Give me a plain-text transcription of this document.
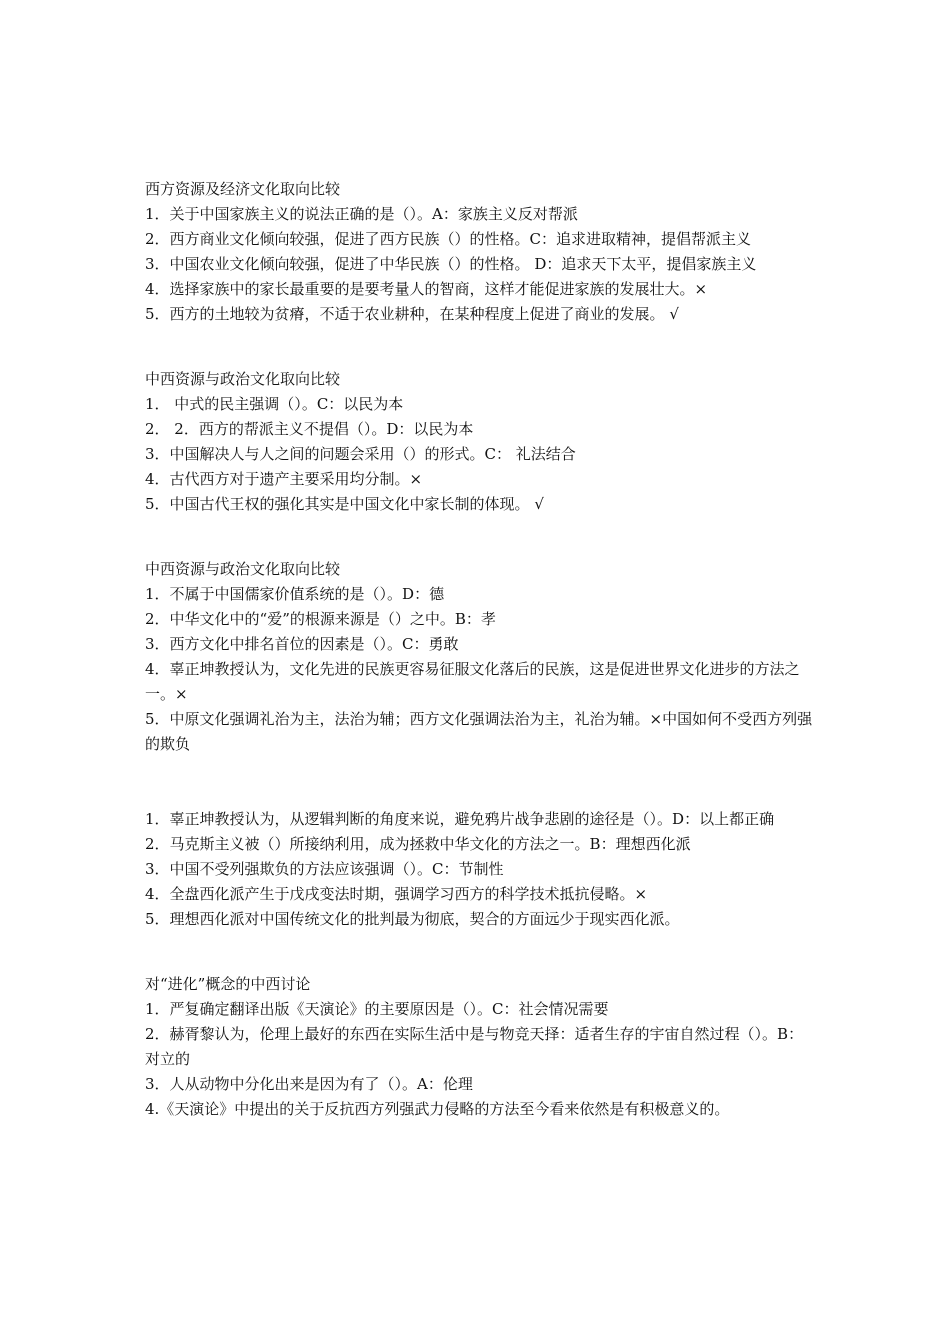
西方资源及经济文化取向比较

1．关于中国家族主义的说法正确的是（）。A：家族主义反对帮派

2．西方商业文化倾向较强，促进了西方民族（）的性格。C：追求进取精神，提倡帮派主义

3．中国农业文化倾向较强，促进了中华民族（）的性格。 D：追求天下太平，提倡家族主义

4．选择家族中的家长最重要的是要考量人的智商，这样才能促进家族的发展壮大。×

5．西方的土地较为贫瘠，不适于农业耕种，在某种程度上促进了商业的发展。 √

中西资源与政治文化取向比较

1． 中式的民主强调（）。C：以民为本

2． 2．西方的帮派主义不提倡（）。D：以民为本

3．中国解决人与人之间的问题会采用（）的形式。C： 礼法结合

4．古代西方对于遗产主要采用均分制。×

5．中国古代王权的强化其实是中国文化中家长制的体现。 √

中西资源与政治文化取向比较

1．不属于中国儒家价值系统的是（）。D：德

2．中华文化中的“爱”的根源来源是（）之中。B：孝

3．西方文化中排名首位的因素是（）。C：勇敢

4．辜正坤教授认为，文化先进的民族更容易征服文化落后的民族，这是促进世界文化进步的方法之一。×

5．中原文化强调礼治为主，法治为辅；西方文化强调法治为主，礼治为辅。×中国如何不受西方列强的欺负

1．辜正坤教授认为，从逻辑判断的角度来说，避免鸦片战争悲剧的途径是（）。D：以上都正确

2．马克斯主义被（）所接纳利用，成为拯救中华文化的方法之一。B：理想西化派

3．中国不受列强欺负的方法应该强调（）。C：节制性

4．全盘西化派产生于戊戌变法时期，强调学习西方的科学技术抵抗侵略。×

5．理想西化派对中国传统文化的批判最为彻底，契合的方面远少于现实西化派。

对“进化”概念的中西讨论

1．严复确定翻译出版《天演论》的主要原因是（）。C：社会情况需要

2．赫胥黎认为，伦理上最好的东西在实际生活中是与物竞天择：适者生存的宇宙自然过程（）。B：对立的

3．人从动物中分化出来是因为有了（）。A：伦理

4.《天演论》中提出的关于反抗西方列强武力侵略的方法至今看来依然是有积极意义的。
